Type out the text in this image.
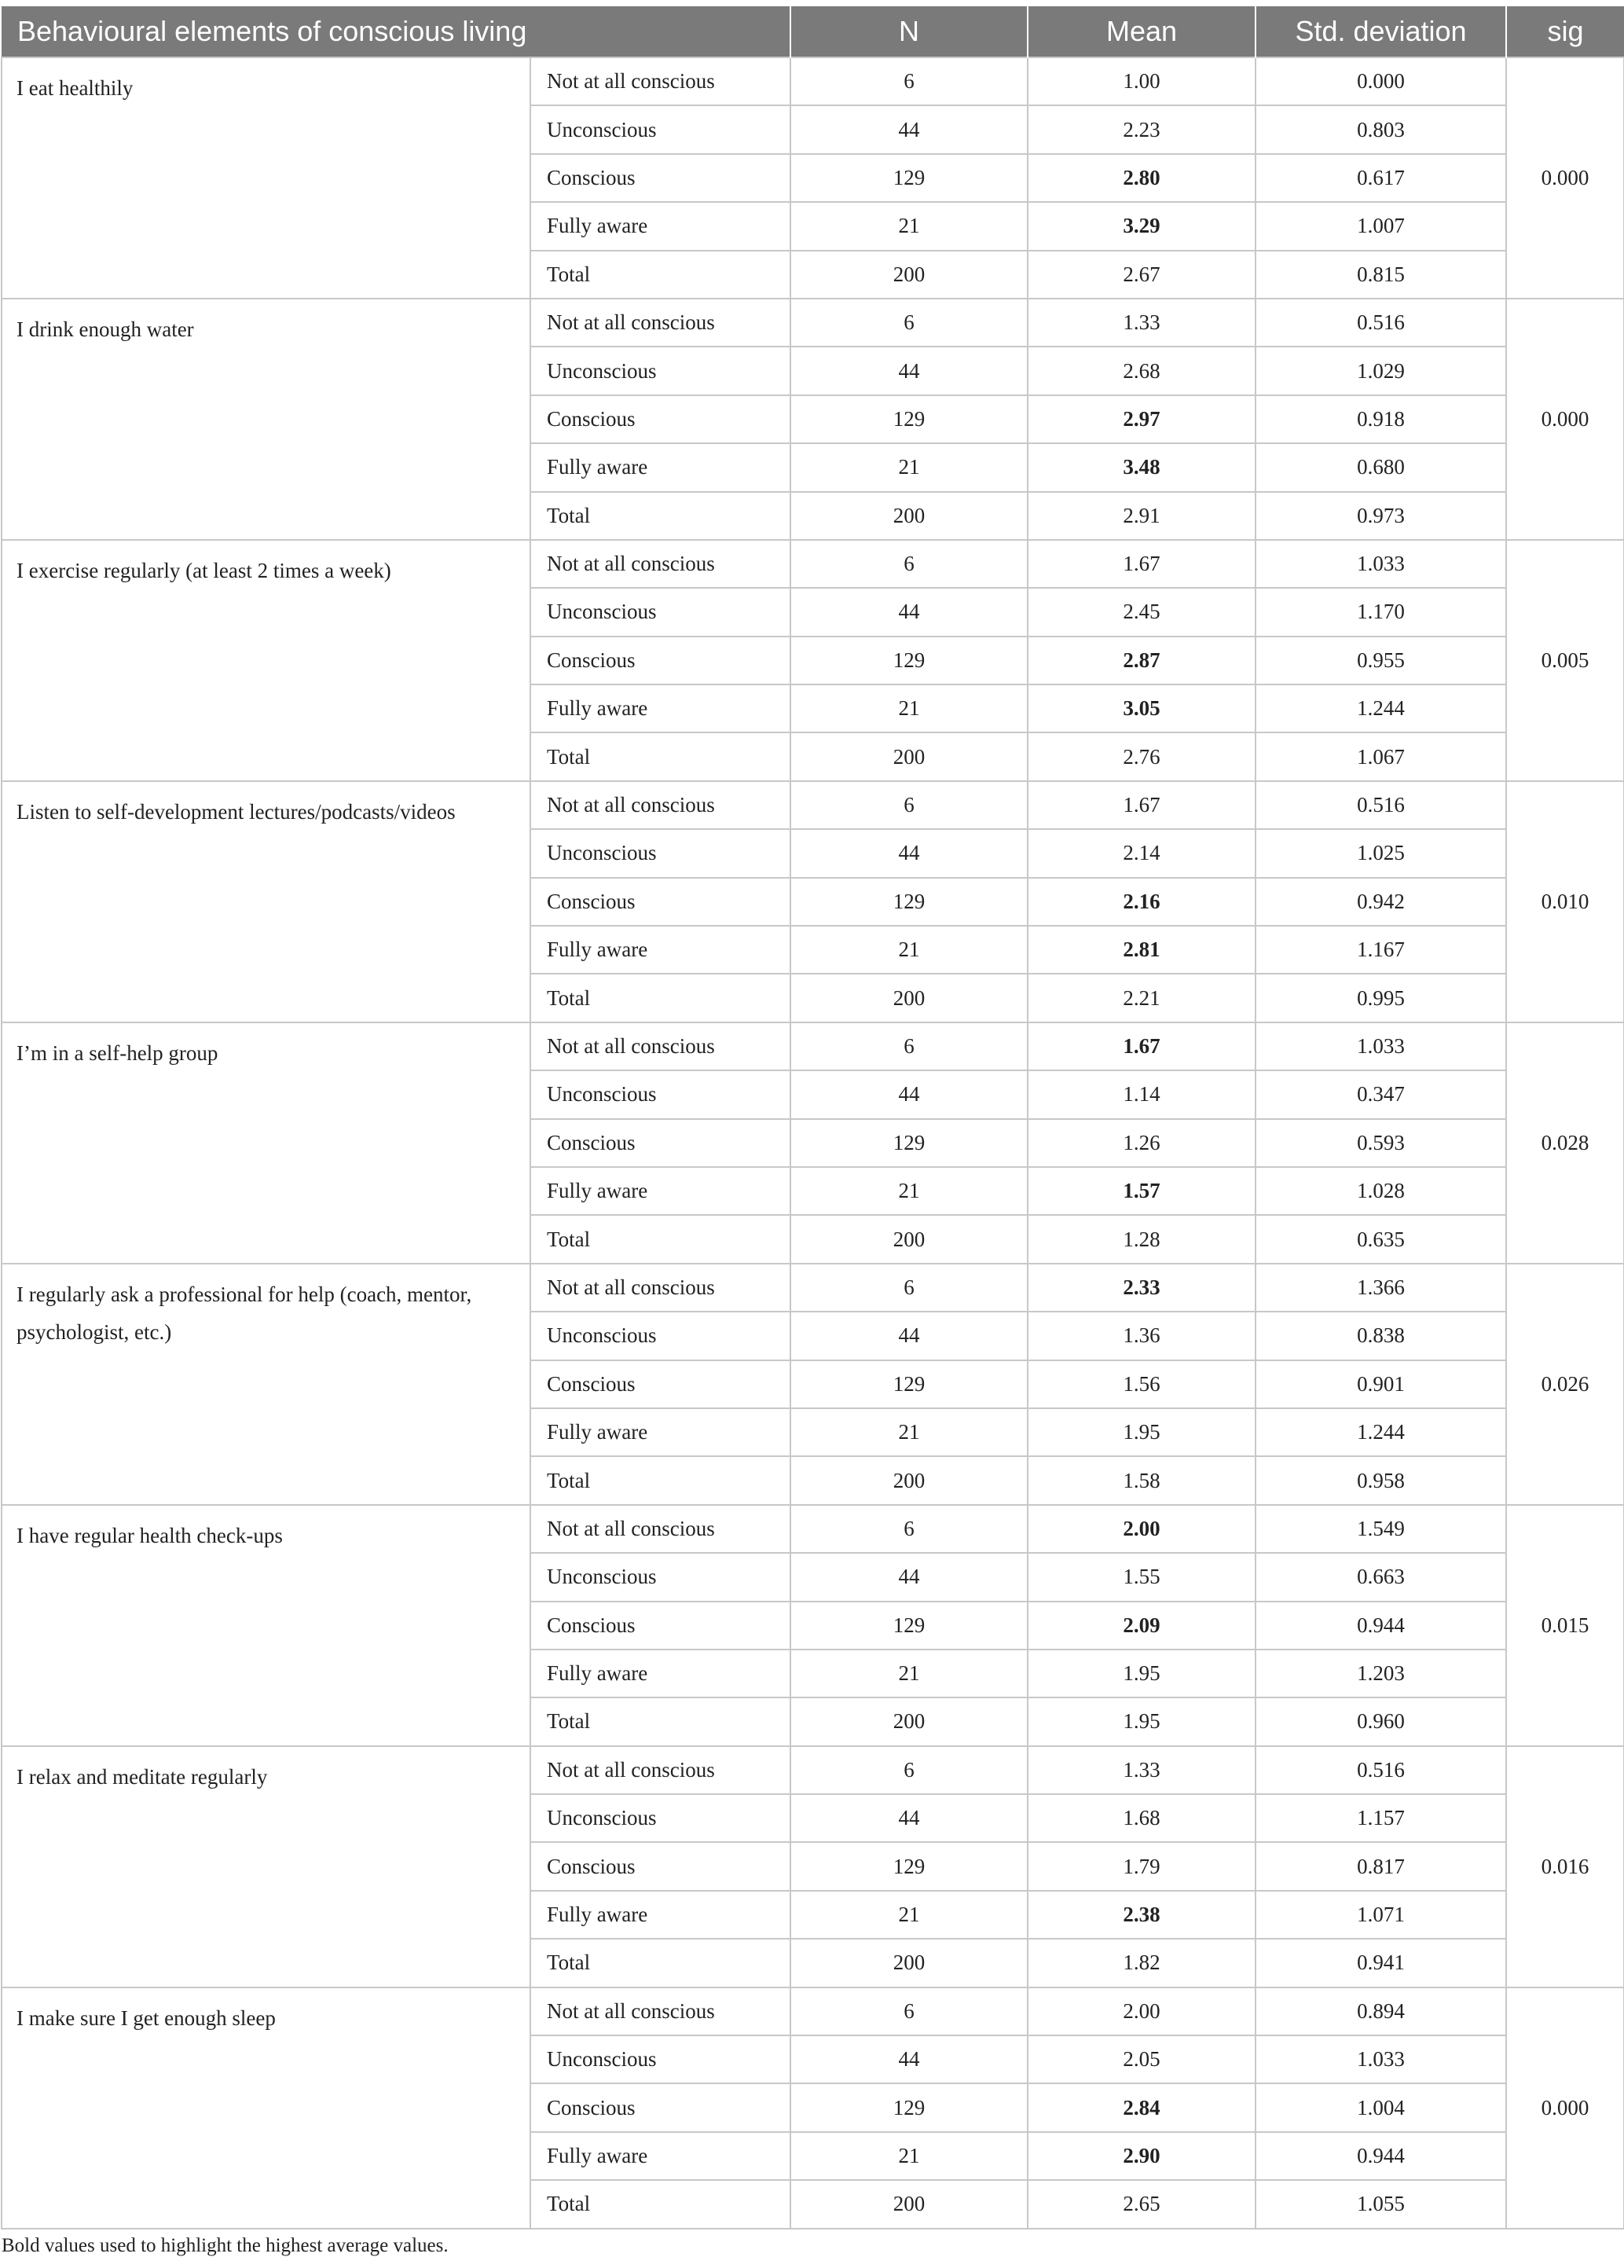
Behavioural elements of conscious living		N	Mean	Std. deviation	sig
I eat healthily	Not at all conscious	6	1.00	0.000	0.000
	Unconscious	44	2.23	0.803	
	Conscious	129	2.80	0.617	
	Fully aware	21	3.29	1.007	
	Total	200	2.67	0.815	
I drink enough water	Not at all conscious	6	1.33	0.516	0.000
	Unconscious	44	2.68	1.029	
	Conscious	129	2.97	0.918	
	Fully aware	21	3.48	0.680	
	Total	200	2.91	0.973	
I exercise regularly (at least 2 times a week)	Not at all conscious	6	1.67	1.033	0.005
	Unconscious	44	2.45	1.170	
	Conscious	129	2.87	0.955	
	Fully aware	21	3.05	1.244	
	Total	200	2.76	1.067	
Listen to self-development lectures/podcasts/videos	Not at all conscious	6	1.67	0.516	0.010
	Unconscious	44	2.14	1.025	
	Conscious	129	2.16	0.942	
	Fully aware	21	2.81	1.167	
	Total	200	2.21	0.995	
I’m in a self-help group	Not at all conscious	6	1.67	1.033	0.028
	Unconscious	44	1.14	0.347	
	Conscious	129	1.26	0.593	
	Fully aware	21	1.57	1.028	
	Total	200	1.28	0.635	
I regularly ask a professional for help (coach, mentor, psychologist, etc.)	Not at all conscious	6	2.33	1.366	0.026
	Unconscious	44	1.36	0.838	
	Conscious	129	1.56	0.901	
	Fully aware	21	1.95	1.244	
	Total	200	1.58	0.958	
I have regular health check-ups	Not at all conscious	6	2.00	1.549	0.015
	Unconscious	44	1.55	0.663	
	Conscious	129	2.09	0.944	
	Fully aware	21	1.95	1.203	
	Total	200	1.95	0.960	
I relax and meditate regularly	Not at all conscious	6	1.33	0.516	0.016
	Unconscious	44	1.68	1.157	
	Conscious	129	1.79	0.817	
	Fully aware	21	2.38	1.071	
	Total	200	1.82	0.941	
I make sure I get enough sleep	Not at all conscious	6	2.00	0.894	0.000
	Unconscious	44	2.05	1.033	
	Conscious	129	2.84	1.004	
	Fully aware	21	2.90	0.944	
	Total	200	2.65	1.055	
Bold values used to highlight the highest average values.
